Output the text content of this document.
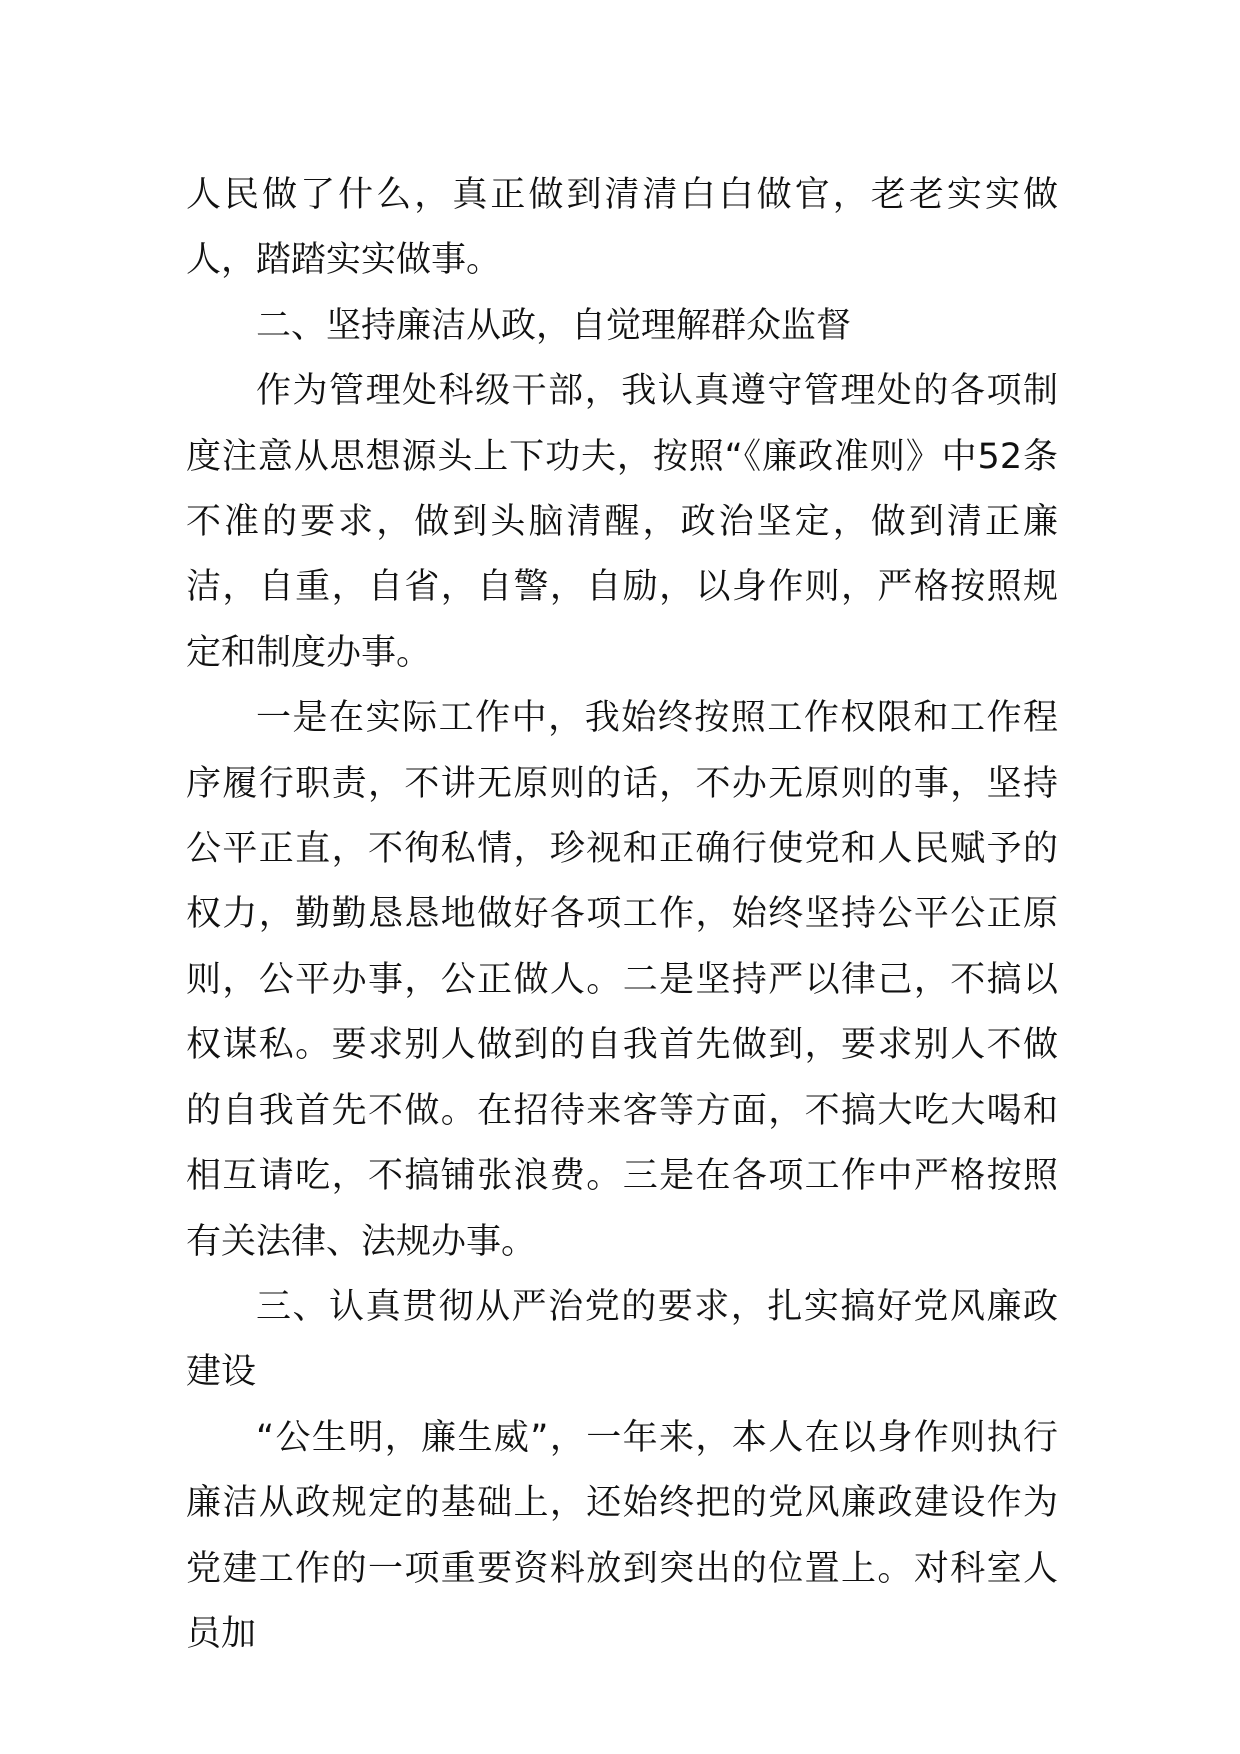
人民做了什么，真正做到清清白白做官，老老实实做人，踏踏实实做事。

二、坚持廉洁从政，自觉理解群众监督

作为管理处科级干部，我认真遵守管理处的各项制度注意从思想源头上下功夫，按照“《廉政准则》中52条不准的要求，做到头脑清醒，政治坚定，做到清正廉洁，自重，自省，自警，自励，以身作则，严格按照规定和制度办事。

一是在实际工作中，我始终按照工作权限和工作程序履行职责，不讲无原则的话，不办无原则的事，坚持公平正直，不徇私情，珍视和正确行使党和人民赋予的权力，勤勤恳恳地做好各项工作，始终坚持公平公正原则，公平办事，公正做人。二是坚持严以律己，不搞以权谋私。要求别人做到的自我首先做到，要求别人不做的自我首先不做。在招待来客等方面，不搞大吃大喝和相互请吃，不搞铺张浪费。三是在各项工作中严格按照有关法律、法规办事。

三、认真贯彻从严治党的要求，扎实搞好党风廉政建设

“公生明，廉生威”，一年来，本人在以身作则执行廉洁从政规定的基础上，还始终把的党风廉政建设作为党建工作的一项重要资料放到突出的位置上。对科室人员加
